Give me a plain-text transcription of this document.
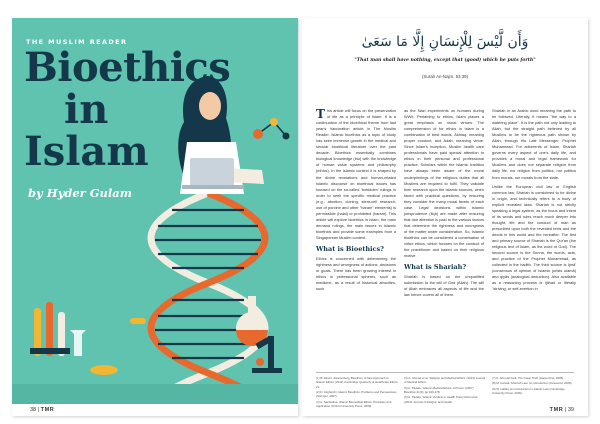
THE MUSLIM READER
Bioethics
in
Islam
by Hyder Gulam
38 | TMR
وَأَن لَّيْسَ لِلْإِنسَانِ إِلَّا مَا سَعَىٰ
"That man shall have nothing, except that (good) which he puts forth"
(Surah An-Najm, 53:39)

This article will focus on the preservation of life as a principle of Islam. It is a continuation of the bioethical theme from last year's Vaccination article in The Muslim Reader. Islamic bioethics as a topic of study has seen immense growth in the medical and secular bioethical literature over the past decade. Bioethics essentially combines biological knowledge (bio) with the knowledge of human value systems and philosophy (ethics). In the Islamic context it is shaped by the divine revelations and human-related Islamic discourse on bioethical issues has focused on the so-called 'forbidden' rulings in order to seek the specific medical practice (e.g., abortion, cloning, stem-cell research, use of porcine and other "haram" elements) is permissible (halal) or prohibited (haram). This article will explore bioethics in Islam, the main demand rulings, the main issues in Islamic bioethics and provide some examples from a Singaporean Muslim context.

What is Bioethics?

Ethics is concerned with determining the rightness and wrongness of actions, decisions or goals. There has been growing interest in ethics in professional spheres, such as medicine, as a result of historical atrocities, such

as the Nazi experiments on humans during WWII. Pertaining to ethics, Islam places a great emphasis on moral virtues. The comprehension of for ethics in Islam is a combination of best words, Akhlaq, meaning proper conduct, and Adab, meaning virtue. Since Islam's inception, Muslim health care professionals have paid special attention to ethics in their personal and professional practice. Scholars within the Islamic tradition have always been aware of the moral underpinnings of the religious duties that all Muslims are required to fulfil. They validate their research upon the Islamic sources, when faced with practical questions, by ensuring they consider the many moral facets of each case. Legal decisions within Islamic jurisprudence (fiqh) are made after ensuring that due attention is paid to the various factors that determine the rightness and wrongness of the matter under consideration. So, Islamic bioethics can be considered a combination of virtue ethics, which focuses on the conduct of the practitioner and based on their religious motive.

What is Shariah?

Shariah is based on the unqualified submission to the will of God (Allah). The will of Allah embraces all aspects of life and the law hence covers all of them.

Shariah in an Arabic word meaning the path to be followed. Literally, it means "the way to a watering place". It is the path not only leading to Allah, but the straight path believed by all Muslims to be the righteous path shown by Allah, through His Last Messenger, Prophet Muhammad. For adherents of Islam, Shariah governs every aspect of one's daily life, and provides a moral and legal framework for Muslims and does not separate religion from daily life, nor religion from politics, nor politics from morals, nor morals from the state.

Unlike the European civil law or English common law, Shariah is considered to be divine in origin, and technically refers to a body of explicit revealed laws. Shariah is not strictly speaking a legal system, as the focus and intent of its words and rules reach much deeper into thought, life and the conduct of man as prescribed upon both the revealed texts and the deeds in this world and the hereafter. The first and primary source of Shariah is the Qur'an (the religious text of Islam, as the word of God). The second source is the Sunna, the words, acts, and practice of the Prophet Muhammad, as collected in the hadith. The third source is Ijmā' (consensus of opinion of Islamic jurists ulamā) and qiyās (analogical deduction). Also available as a reasoning process is ijtihad or literally "striving, or self-exertion in

(1) B. Alkuru, Zwanenberg 'Bioethics: A New Approach to Islamic Ethics' (2012) Cambridge Quarterly of Healthcare Ethics 21.

(2) D. Atighetchi, Islamic Bioethics: Problems and Perspectives (Springer, 2007).

(3) A. Sachedina, Islamic Biomedical Ethics: Principles and Application (Oxford University Press, 2009).

(4) G. Ahmad et al, 'Religion and Medical Ethics' (2013) Journal of Medical Ethics.

(5) A. Padela, 'Islamic Medical Ethics: A Primer' (2007) Bioethics 21(3), pp 169-178.

(6) A. Padela, 'Islamic Verdicts in Health Policy Discourse' (2013) Journal of Religion and Health.

(7) K. Abou El Fadl, The Great Theft (HarperOne, 2005).

(8) M. Kamali, Shari'ah Law: An Introduction (Oneworld, 2008).

(9) W. Hallaq, An Introduction to Islamic Law (Cambridge University Press, 2009).

TMR | 39
